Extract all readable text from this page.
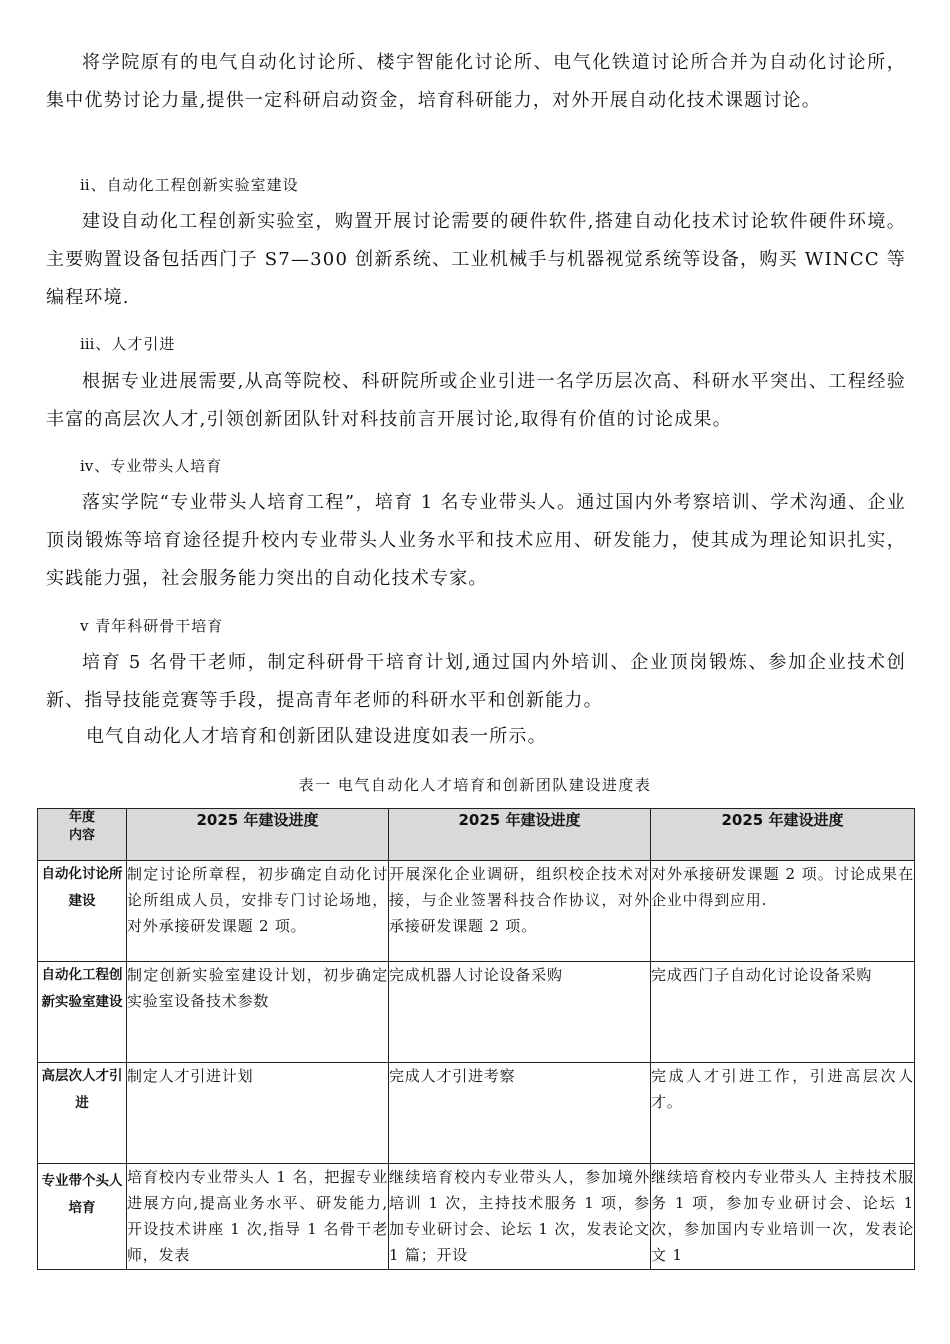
将学院原有的电气自动化讨论所、楼宇智能化讨论所、电气化铁道讨论所合并为自动化讨论所，集中优势讨论力量,提供一定科研启动资金，培育科研能力，对外开展自动化技术课题讨论。

ⅱ、自动化工程创新实验室建设

建设自动化工程创新实验室，购置开展讨论需要的硬件软件,搭建自动化技术讨论软件硬件环境。主要购置设备包括西门子 S7—300 创新系统、工业机械手与机器视觉系统等设备，购买 WINCC 等编程环境.

ⅲ、人才引进

根据专业进展需要,从高等院校、科研院所或企业引进一名学历层次高、科研水平突出、工程经验丰富的高层次人才,引领创新团队针对科技前言开展讨论,取得有价值的讨论成果。

ⅳ、专业带头人培育

落实学院“专业带头人培育工程”，培育 1 名专业带头人。通过国内外考察培训、学术沟通、企业顶岗锻炼等培育途径提升校内专业带头人业务水平和技术应用、研发能力，使其成为理论知识扎实，实践能力强，社会服务能力突出的自动化技术专家。

ⅴ 青年科研骨干培育

培育 5 名骨干老师，制定科研骨干培育计划,通过国内外培训、企业顶岗锻炼、参加企业技术创新、指导技能竞赛等手段，提高青年老师的科研水平和创新能力。

电气自动化人才培育和创新团队建设进度如表一所示。

表一 电气自动化人才培育和创新团队建设进度表
年度
内容	2025 年建设进度	2025 年建设进度	2025 年建设进度
自动化讨论所建设	制定讨论所章程，初步确定自动化讨论所组成人员，安排专门讨论场地，对外承接研发课题 2 项。	开展深化企业调研，组织校企技术对接，与企业签署科技合作协议，对外承接研发课题 2 项。	对外承接研发课题 2 项。讨论成果在企业中得到应用.
自动化工程创新实验室建设	制定创新实验室建设计划，初步确定实验室设备技术参数	完成机器人讨论设备采购	完成西门子自动化讨论设备采购
高层次人才引进	制定人才引进计划	完成人才引进考察	完成人才引进工作，引进高层次人才。
专业带个头人培育	培育校内专业带头人 1 名，把握专业进展方向,提高业务水平、研发能力,开设技术讲座 1 次,指导 1 名骨干老师，发表	继续培育校内专业带头人，参加境外培训 1 次，主持技术服务 1 项，参加专业研讨会、论坛 1 次，发表论文 1 篇；开设	继续培育校内专业带头人 主持技术服务 1 项，参加专业研讨会、论坛 1 次，参加国内专业培训一次，发表论文 1
